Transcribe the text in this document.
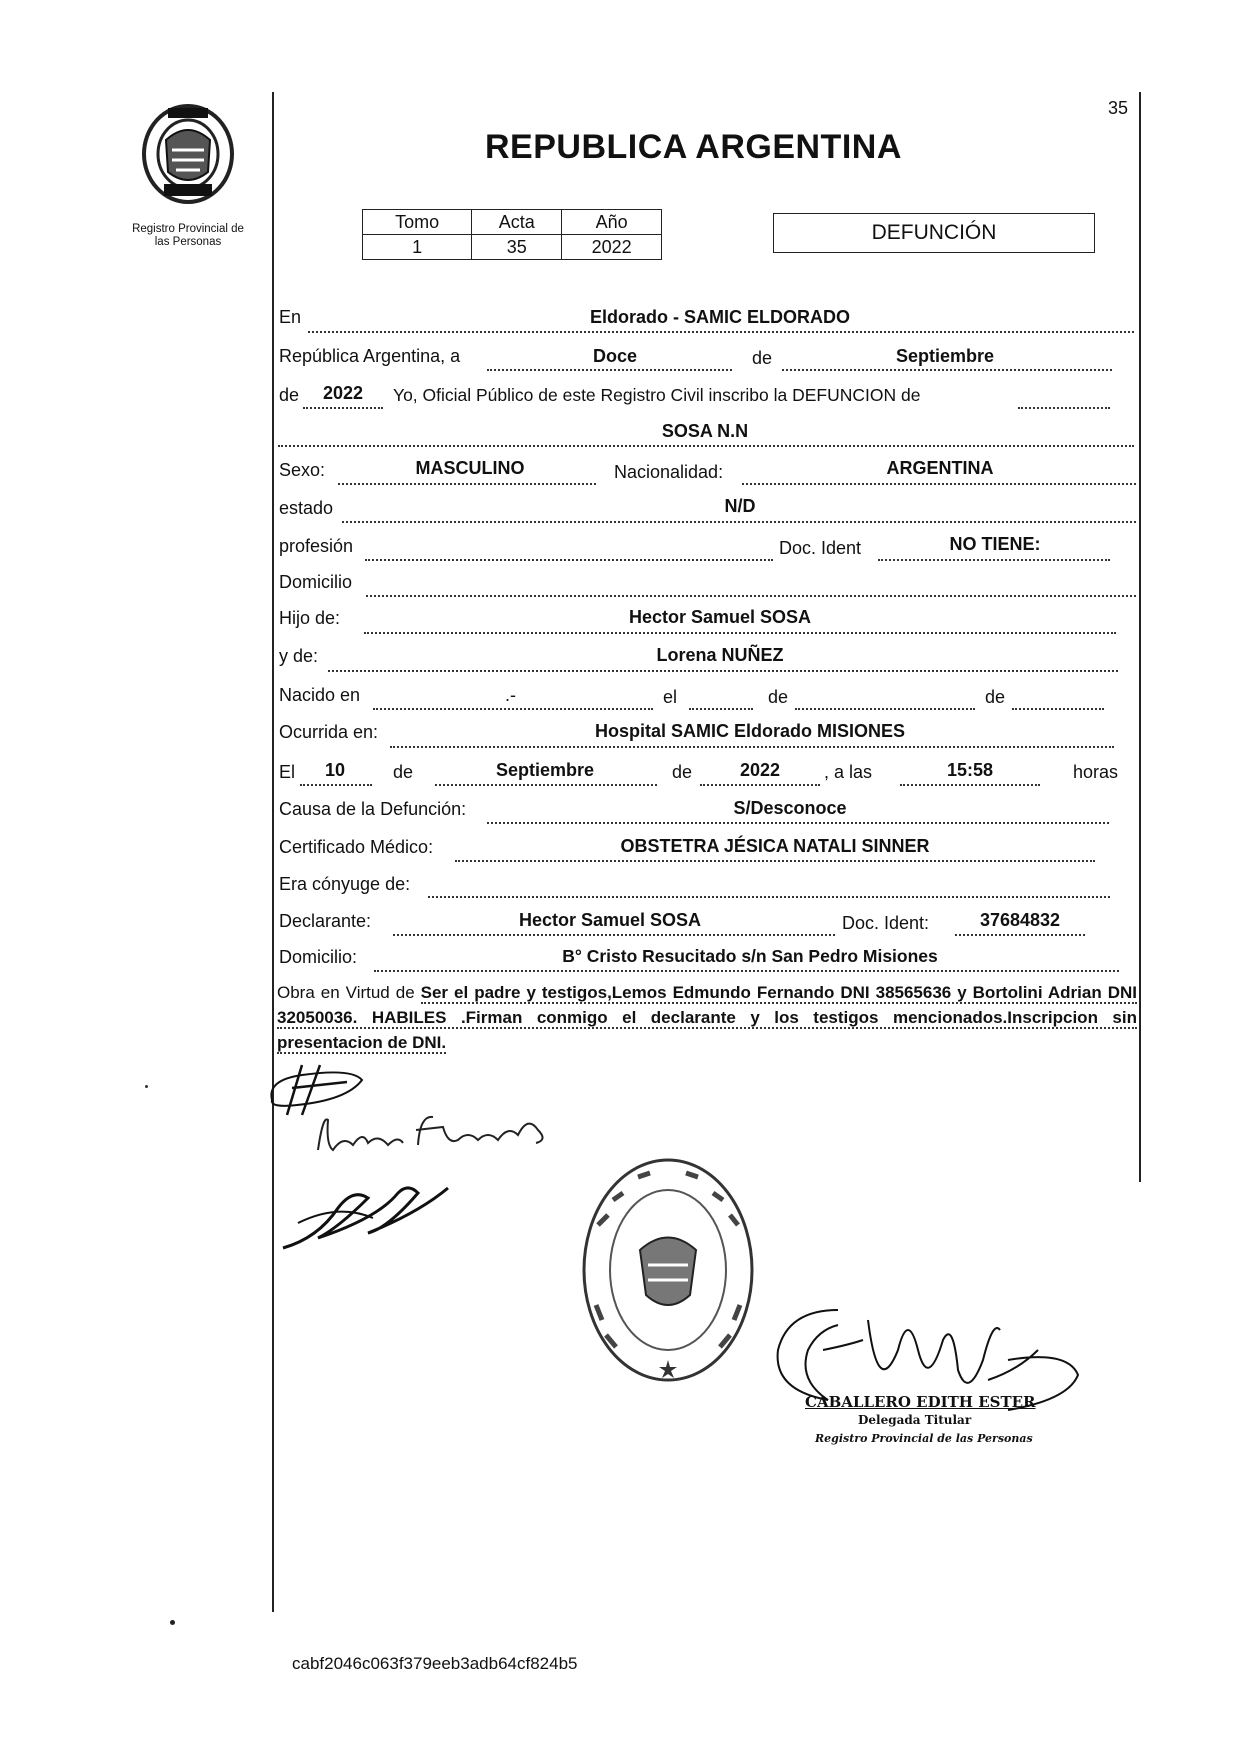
35
Registro Provincial de
las Personas
REPUBLICA ARGENTINA
Tomo	Acta	Año
1	35	2022
DEFUNCIÓN
En	Eldorado - SAMIC ELDORADO
República Argentina, a	Doce	de	Septiembre
de	2022	Yo, Oficial Público de este Registro Civil inscribo la DEFUNCION de
SOSA N.N
Sexo:	MASCULINO	Nacionalidad:	ARGENTINA
estado	N/D
profesión	Doc. Ident	NO TIENE:
Domicilio
Hijo de:	Hector Samuel SOSA
y de:	Lorena NUÑEZ
Nacido en	.-	el	de	de
Ocurrida en:	Hospital SAMIC Eldorado MISIONES
El	10	de	Septiembre	de	2022	, a las	15:58	horas
Causa de la Defunción:	S/Desconoce
Certificado Médico:	OBSTETRA JÉSICA NATALI SINNER
Era cónyuge de:
Declarante:	Hector Samuel SOSA	Doc. Ident:	37684832
Domicilio:	B° Cristo Resucitado s/n San Pedro Misiones
Obra en Virtud de Ser el padre y testigos,Lemos Edmundo Fernando DNI 38565636 y Bortolini Adrian DNI 32050036. HABILES .Firman conmigo el declarante y los testigos mencionados.Inscripcion sin presentacion de DNI.
CABALLERO EDITH ESTER
Delegada Titular
Registro Provincial de las Personas
cabf2046c063f379eeb3adb64cf824b5
